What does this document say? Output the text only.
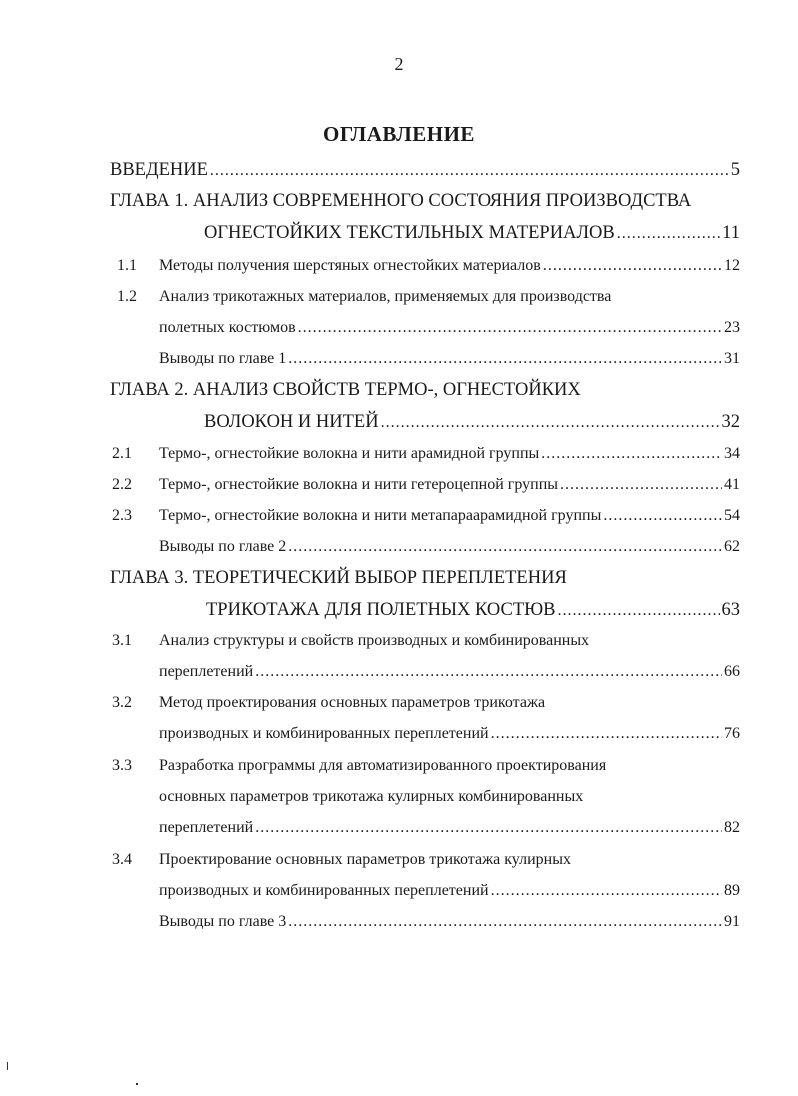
2
ОГЛАВЛЕНИЕ
ВВЕДЕНИЕ .....	5
ГЛАВА 1. АНАЛИЗ СОВРЕМЕННОГО СОСТОЯНИЯ ПРОИЗВОДСТВА
ОГНЕСТОЙКИХ ТЕКСТИЛЬНЫХ МАТЕРИАЛОВ .....	11
1.1 Методы получения шерстяных огнестойких материалов .....	12
1.2 Анализ трикотажных материалов, применяемых для производства
полетных костюмов .....	23
Выводы по главе 1 .....	31
ГЛАВА 2. АНАЛИЗ СВОЙСТВ ТЕРМО-, ОГНЕСТОЙКИХ
ВОЛОКОН И НИТЕЙ .....	32
2.1 Термо-, огнестойкие волокна и нити арамидной группы .....	34
2.2 Термо-, огнестойкие волокна и нити гетероцепной группы .....	41
2.3 Термо-, огнестойкие волокна и нити метапараарамидной группы .....	54
Выводы по главе 2 .....	62
ГЛАВА 3. ТЕОРЕТИЧЕСКИЙ ВЫБОР ПЕРЕПЛЕТЕНИЯ
ТРИКОТАЖА ДЛЯ ПОЛЕТНЫХ КОСТЮВ .....	63
3.1 Анализ структуры и свойств производных и комбинированных
переплетений .....	66
3.2 Метод проектирования основных параметров трикотажа
производных и комбинированных переплетений .....	76
3.3 Разработка программы для автоматизированного проектирования
основных параметров трикотажа кулирных комбинированных
переплетений .....	82
3.4 Проектирование основных параметров трикотажа кулирных
производных и комбинированных переплетений .....	89
Выводы по главе 3 .....	91
